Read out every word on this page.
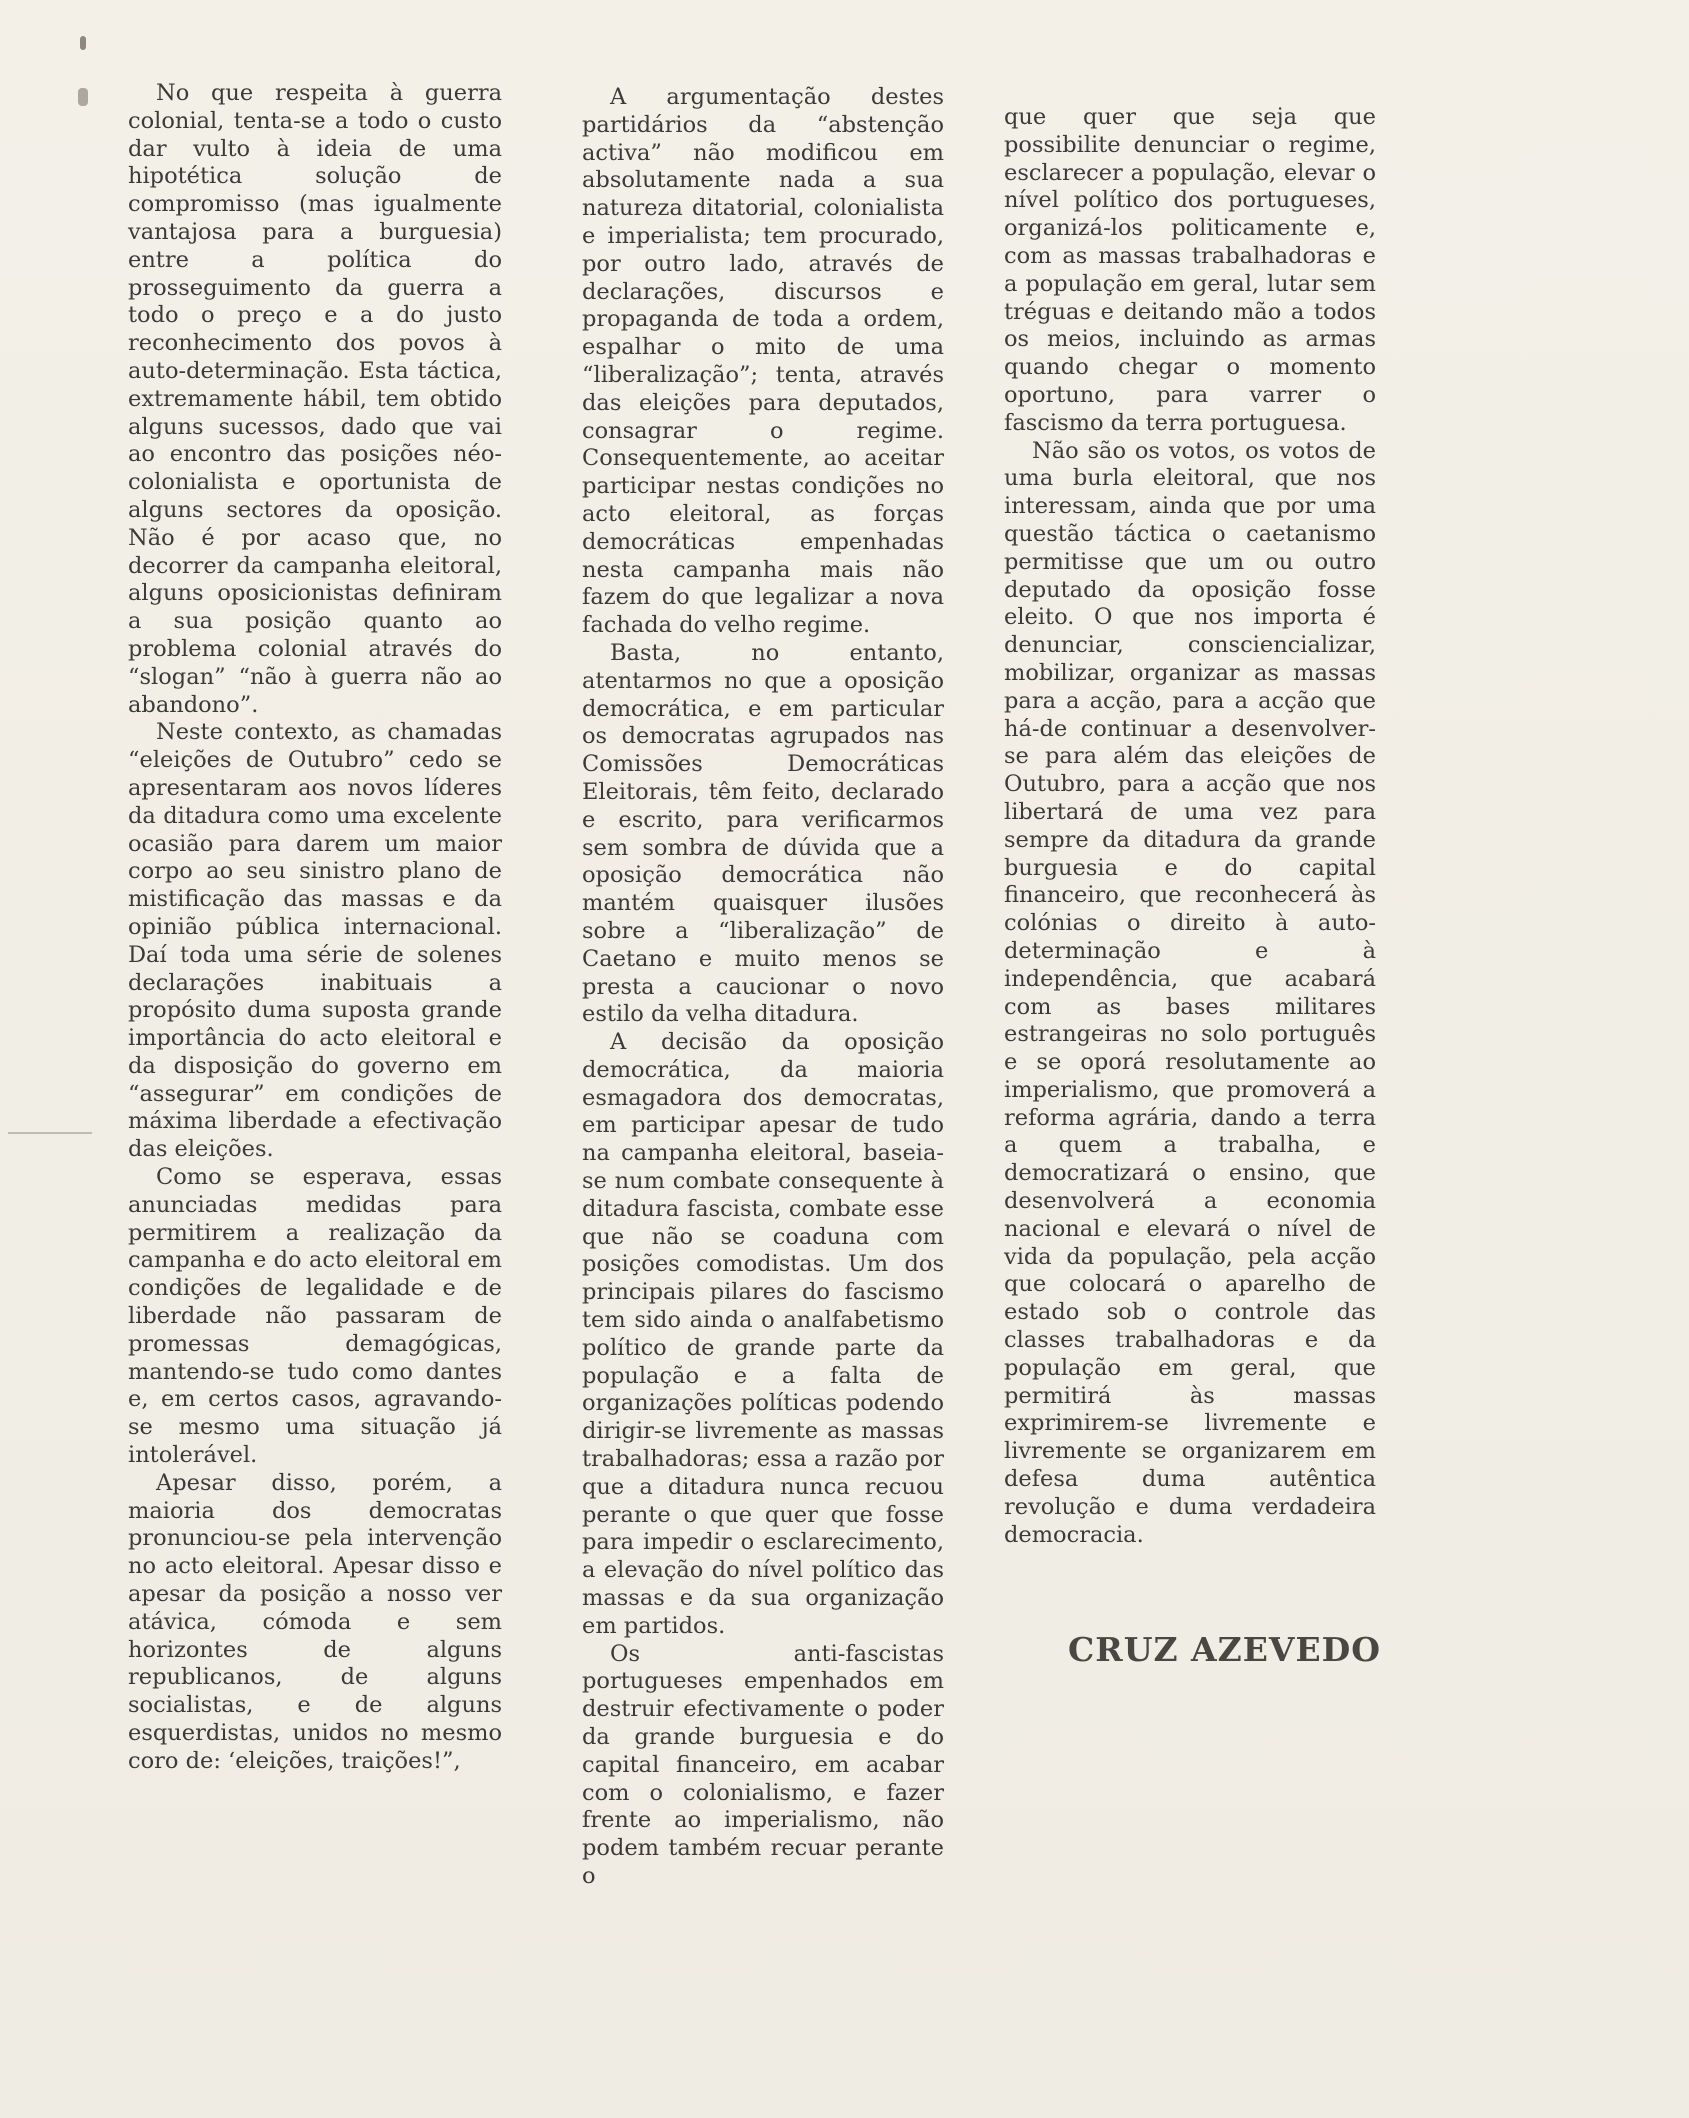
No que respeita à guerra colonial, tenta-se a todo o custo dar vulto à ideia de uma hipotética solução de compromisso (mas igualmente vantajosa para a burguesia) entre a política do prosseguimento da guerra a todo o preço e a do justo reconhecimento dos povos à auto-determinação. Esta táctica, extremamente hábil, tem obtido alguns sucessos, dado que vai ao encontro das posições néo-colonialista e oportunista de alguns sectores da oposição. Não é por acaso que, no decorrer da campanha eleitoral, alguns oposicionistas definiram a sua posição quanto ao problema colonial através do “slogan” “não à guerra não ao abandono”.

Neste contexto, as chamadas “eleições de Outubro” cedo se apresentaram aos novos líderes da ditadura como uma excelente ocasião para darem um maior corpo ao seu sinistro plano de mistificação das massas e da opinião pública internacional. Daí toda uma série de solenes declarações inabituais a propósito duma suposta grande importância do acto eleitoral e da disposição do governo em “assegurar” em condições de máxima liberdade a efectivação das eleições.

Como se esperava, essas anunciadas medidas para permitirem a realização da campanha e do acto eleitoral em condições de legalidade e de liberdade não passaram de promessas demagógicas, mantendo-se tudo como dantes e, em certos casos, agravando-se mesmo uma situação já intolerável.

Apesar disso, porém, a maioria dos democratas pronunciou-se pela intervenção no acto eleitoral. Apesar disso e apesar da posição a nosso ver atávica, cómoda e sem horizontes de alguns republicanos, de alguns socialistas, e de alguns esquerdistas, unidos no mesmo coro de: ‘eleições, traições!”,

A argumentação destes partidários da “abstenção activa” não modificou em absolutamente nada a sua natureza ditatorial, colonialista e imperialista; tem procurado, por outro lado, através de declarações, discursos e propaganda de toda a ordem, espalhar o mito de uma “liberalização”; tenta, através das eleições para deputados, consagrar o regime. Consequentemente, ao aceitar participar nestas condições no acto eleitoral, as forças democráticas empenhadas nesta campanha mais não fazem do que legalizar a nova fachada do velho regime.

Basta, no entanto, atentarmos no que a oposição democrática, e em particular os democratas agrupados nas Comissões Democráticas Eleitorais, têm feito, declarado e escrito, para verificarmos sem sombra de dúvida que a oposição democrática não mantém quaisquer ilusões sobre a “liberalização” de Caetano e muito menos se presta a caucionar o novo estilo da velha ditadura.

A decisão da oposição democrática, da maioria esmagadora dos democratas, em participar apesar de tudo na campanha eleitoral, baseia-se num combate consequente à ditadura fascista, combate esse que não se coaduna com posições comodistas. Um dos principais pilares do fascismo tem sido ainda o analfabetismo político de grande parte da população e a falta de organizações políticas podendo dirigir-se livremente as massas trabalhadoras; essa a razão por que a ditadura nunca recuou perante o que quer que fosse para impedir o esclarecimento, a elevação do nível político das massas e da sua organização em partidos.

Os anti-fascistas portugueses empenhados em destruir efectivamente o poder da grande burguesia e do capital financeiro, em acabar com o colonialismo, e fazer frente ao imperialismo, não podem também recuar perante o

que quer que seja que possibilite denunciar o regime, esclarecer a população, elevar o nível político dos portugueses, organizá-los politicamente e, com as massas trabalhadoras e a população em geral, lutar sem tréguas e deitando mão a todos os meios, incluindo as armas quando chegar o momento oportuno, para varrer o fascismo da terra portuguesa.

Não são os votos, os votos de uma burla eleitoral, que nos interessam, ainda que por uma questão táctica o caetanismo permitisse que um ou outro deputado da oposição fosse eleito. O que nos importa é denunciar, consciencializar, mobilizar, organizar as massas para a acção, para a acção que há-de continuar a desenvolver-se para além das eleições de Outubro, para a acção que nos libertará de uma vez para sempre da ditadura da grande burguesia e do capital financeiro, que reconhecerá às colónias o direito à auto-determinação e à independência, que acabará com as bases militares estrangeiras no solo português e se oporá resolutamente ao imperialismo, que promoverá a reforma agrária, dando a terra a quem a trabalha, e democratizará o ensino, que desenvolverá a economia nacional e elevará o nível de vida da população, pela acção que colocará o aparelho de estado sob o controle das classes trabalhadoras e da população em geral, que permitirá às massas exprimirem-se livremente e livremente se organizarem em defesa duma autêntica revolução e duma verdadeira democracia.

CRUZ AZEVEDO
